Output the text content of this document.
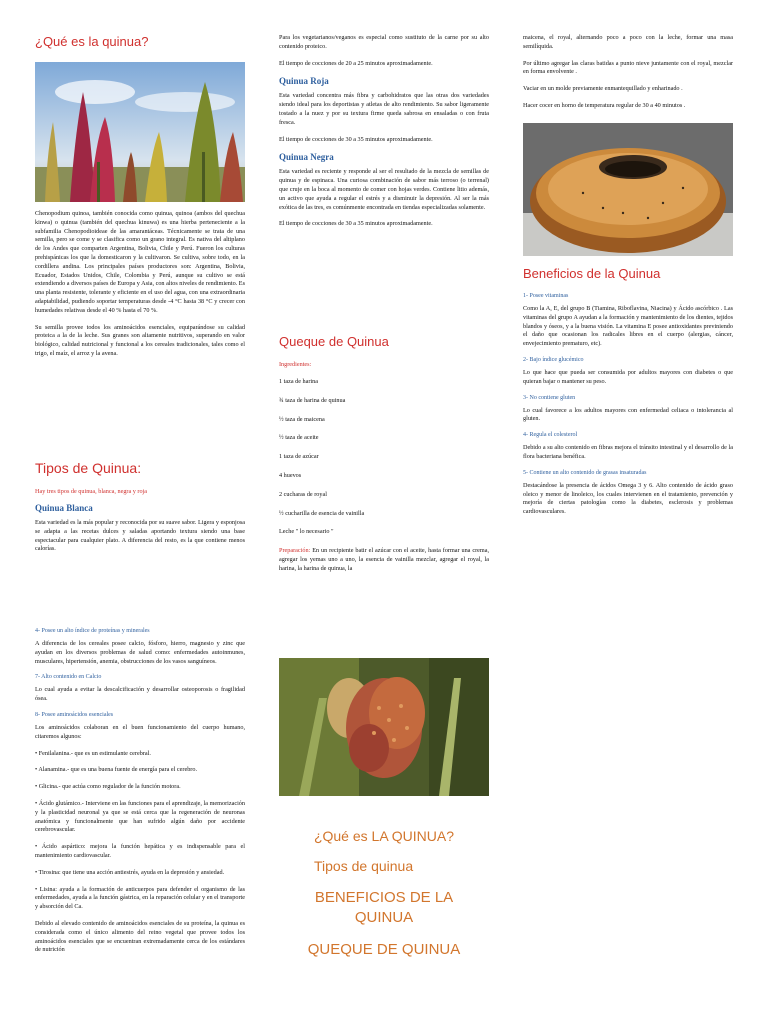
¿Qué es la quinua?

Chenopodium quinoa, también conocida como quinua, quinoa (ambos del quechua kinwa) o quinua (también del quechua kinuwa) es una hierba perteneciente a la subfamilia Chenopodioideae de las amarantáceas. Técnicamente se trata de una semilla, pero se come y se clasifica como un grano integral. Es nativa del altiplano de los Andes que comparten Argentina, Bolivia, Chile y Perú. Fueron los culturas prehispánicas los que la domesticaron y la cultivaron. Se cultiva, sobre todo, en la cordillera andina. Los principales países productores son: Argentina, Bolivia, Ecuador, Estados Unidos, Chile, Colombia y Perú, aunque su cultivo se está extendiendo a diversos países de Europa y Asia, con altos niveles de rendimiento. Es una planta resistente, tolerante y eficiente en el uso del agua, con una extraordinaria adaptabilidad, pudiendo soportar temperaturas desde -4 °C hasta 38 °C y crecer con humedades relativas desde el 40 % hasta el 70 %.

Su semilla provee todos los aminoácidos esenciales, equiparándose su calidad proteica a la de la leche. Sus granes son altamente nutritivos, superando en valor biológico, calidad nutricional y funcional a los cereales tradicionales, tales como el trigo, el maíz, el arroz y la avena.

Tipos de Quinua:

Hay tres tipos de quinua, blanca, negra y roja

Quinua Blanca

Esta variedad es la más popular y reconocida por su suave sabor. Ligera y esponjosa se adapta a las recetas dulces y saladas aportando textura siendo una base espectacular para cualquier plato. A diferencia del resto, es la que contiene menos calorías.

Para los vegetarianos/veganos es especial como sustituto de la carne por su alto contenido proteico.

El tiempo de cocciones de 20 a 25 minutos aproximadamente.

Quinua Roja

Esta variedad concentra más fibra y carbohidratos que las otras dos variedades siendo ideal para los deportistas y atletas de alto rendimiento. Su sabor ligeramente tostado a la nuez y por su textura firme queda sabrosa en ensaladas o con fruta fresca.

El tiempo de cocciones de 30 a 35 minutos aproximadamente.

Quinua Negra

Esta variedad es reciente y responde al ser el resultado de la mezcla de semillas de quinua y de espinaca. Una curiosa combinación de sabor más terroso (o terrenal) que cruje en la boca al momento de comer con hojas verdes. Contiene litio además, un activo que ayuda a regular el estrés y a disminuir la depresión. Al ser la más exótica de las tres, es comúnmente encontrada en tiendas especializadas solamente.

El tiempo de cocciones de 30 a 35 minutos aproximadamente.

Queque de Quinua

Ingredientes:

1 taza de harina

¾ taza de harina de quinua

½ taza de maicena

½ taza de aceite

1 taza de azúcar

4 huevos

2 cucharas de royal

½ cucharilla de esencia de vainilla

Leche " lo necesario "

Preparación: En un recipiente batir el azúcar con el aceite, hasta formar una crema, agregar los yemas uno a uno, la esencia de vainilla mezclar, agregar el royal, la harina, la harina de quinua, la

maicena, el royal, alternando poco a poco con la leche, formar una masa semilíquida.

Por último agregar las claras batidas a punto nieve juntamente con el royal, mezclar en forma envolvente .

Vaciar en un molde previamente enmantequillado y enharinado .

Hacer cocer en horno de temperatura regular de 30 a 40 minutos .

Beneficios de la Quinua

1- Posee vitaminas

Como la A, E, del grupo B (Tiamina, Riboflavina, Niacina) y Ácido ascórbico . Las vitaminas del grupo A ayudan a la formación y mantenimiento de los dientes, tejidos blandos y óseos, y a la buena visión. La vitamina E posee antioxidantes previniendo el daño que ocasionan los radicales libres en el cuerpo (alergias, cáncer, envejecimiento prematuro, etc).

2- Bajo índice glucémico

Lo que hace que pueda ser consumida por adultos mayores con diabetes o que quieran bajar o mantener su peso.

3- No contiene gluten

Lo cual favorece a los adultos mayores con enfermedad celiaca o intolerancia al gluten.

4- Regula el colesterol

Debido a su alto contenido en fibras mejora el tránsito intestinal y el desarrollo de la flora bacteriana benéfica.

5- Contiene un alto contenido de grasas insaturadas

Destacándose la presencia de ácidos Omega 3 y 6. Alto contenido de ácido graso oleico y menor de linoleico, los cuales intervienen en el tratamiento, prevención y mejoría de ciertas patologías como la diabetes, esclerosis y problemas cardiovasculares.

4- Posee un alto índice de proteínas y minerales

A diferencia de los cereales posee calcio, fósforo, hierro, magnesio y zinc que ayudan en los diversos problemas de salud como: enfermedades autoinmunes, musculares, hipertensión, anemia, obstrucciones de los vasos sanguíneos.

7- Alto contenido en Calcio

Lo cual ayuda a evitar la descalcificación y desarrollar osteoporosis o fragilidad ósea.

8- Posee aminoácidos esenciales

Los aminoácidos colaboran en el buen funcionamiento del cuerpo humano, citaremos algunos:

• Fenilalanina.- que es un estimulante cerebral.

• Alanamina.- que es una buena fuente de energía para el cerebro.

• Glicina.- que actúa como regulador de la función motora.

• Ácido glutámico.- Interviene en las funciones para el aprendizaje, la memorización y la plasticidad neuronal ya que se está cerca que la regeneración de neuronas anatómica y funcionalmente que han sufrido algún daño por accidente cerebrovascular.

• Ácido aspártico: mejora la función hepática y es indispensable para el mantenimiento cardiovascular.

• Tirosina: que tiene una acción antiestrés, ayuda en la depresión y ansiedad.

• Lisina: ayuda a la formación de anticuerpos para defender el organismo de las enfermedades, ayuda a la función gástrica, en la reparación celular y en el transporte y absorción del Ca.

Debido al elevado contenido de aminoácidos esenciales de su proteína, la quinua es considerada como el único alimento del reino vegetal que provee todos los aminoácidos esenciales que se encuentran extremadamente cerca de los estándares de nutrición

¿Qué es LA QUINUA?

Tipos de quinua

BENEFICIOS DE LA QUINUA

QUEQUE DE QUINUA
